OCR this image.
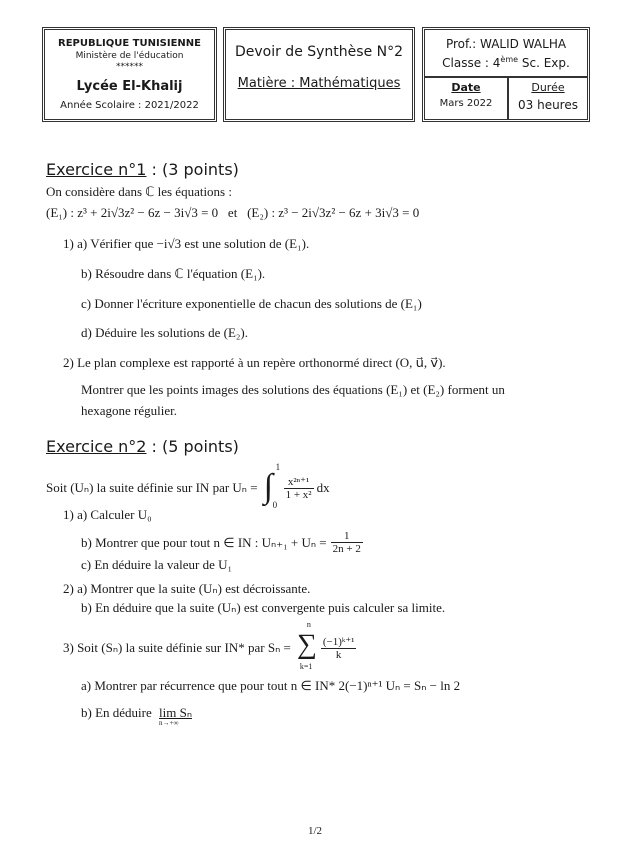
REPUBLIQUE TUNISIENNE
Ministère de l'éducation
******
Lycée El-Khalij
Année Scolaire : 2021/2022
Devoir de Synthèse N°2
Matière : Mathématiques
Prof.: WALID WALHA
Classe : 4ème Sc. Exp.
Date
Mars 2022
Durée
03 heures
Exercice n°1 : (3 points)
On considère dans ℂ les équations :
(E₁) : z³ + 2i√3z² − 6z − 3i√3 = 0 et (E₂) : z³ − 2i√3z² − 6z + 3i√3 = 0
1) a) Vérifier que −i√3 est une solution de (E₁).
b) Résoudre dans ℂ l'équation (E₁).
c) Donner l'écriture exponentielle de chacun des solutions de (E₁)
d) Déduire les solutions de (E₂).
2) Le plan complexe est rapporté à un repère orthonormé direct (O, u⃗, v⃗).
Montrer que les points images des solutions des équations (E₁) et (E₂) forment un
hexagone régulier.
Exercice n°2 : (5 points)
Soit (Uₙ) la suite définie sur IN par Uₙ = ∫
1
0
$\frac{\text{x²ⁿ⁺¹}}{\text{1 + x²}}$ dx
1) a) Calculer U₀
b) Montrer que pour tout n ∈ IN : $U_{n+1} + U_n = \frac{1}{2n + 2}$
c) En déduire la valeur de U₁
2) a) Montrer que la suite (Uₙ) est décroissante.
b) En déduire que la suite (Uₙ) est convergente puis calculer sa limite.
3) Soit (Sₙ) la suite définie sur IN* par Sₙ =
n
∑
k=1
$\frac{\text{(−1)ᵏ⁺¹}}{k}$
a) Montrer par récurrence que pour tout n ∈ IN* 2(−1)ⁿ⁺¹ Uₙ = Sₙ − ln 2
b) En déduire lim Sₙ
n→+∞
1/2
